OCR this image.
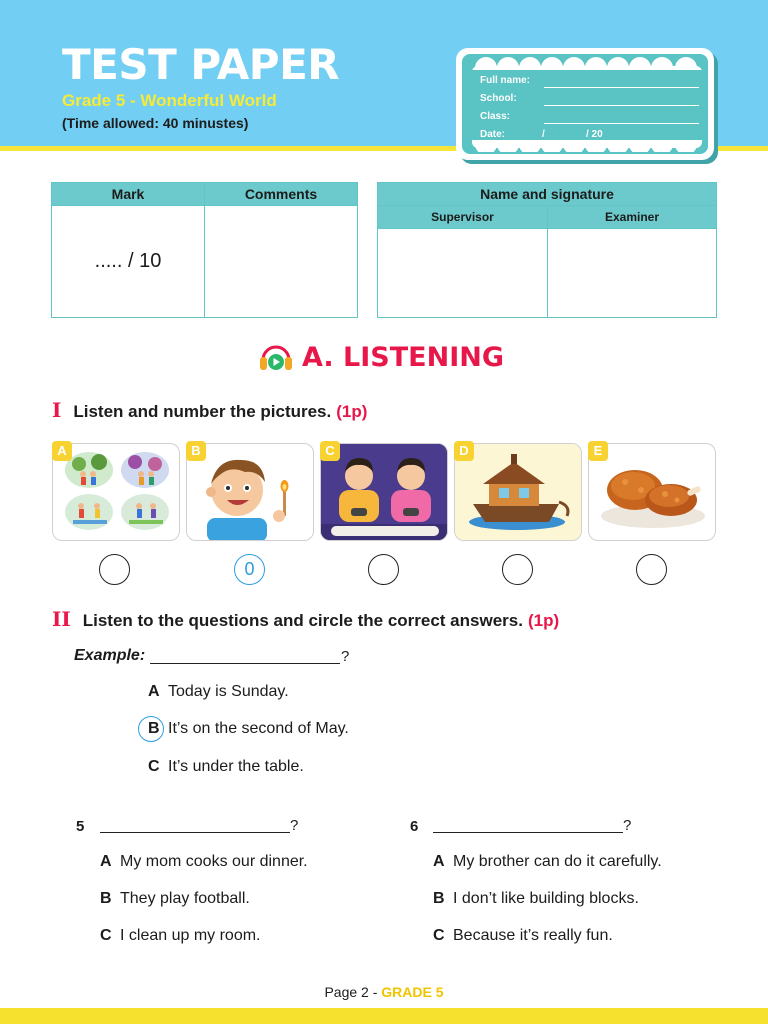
TEST PAPER
Grade 5 - Wonderful World
(Time allowed: 40 minustes)
Full name:
School:
Class:
Date:	/	/ 20
Mark	Comments
..... / 10	
Name and signature	
Supervisor	Examiner

A. LISTENING
I Listen and number the pictures. (1p)
A	B	C	D	E
0
II Listen to the questions and circle the correct answers. (1p)
Example:	?
A Today is Sunday.
B It’s on the second of May.
C It’s under the table.
5	?
A My mom cooks our dinner.
B They play football.
C I clean up my room.
6	?
A My brother can do it carefully.
B I don’t like building blocks.
C Because it’s really fun.
Page 2 - GRADE 5
